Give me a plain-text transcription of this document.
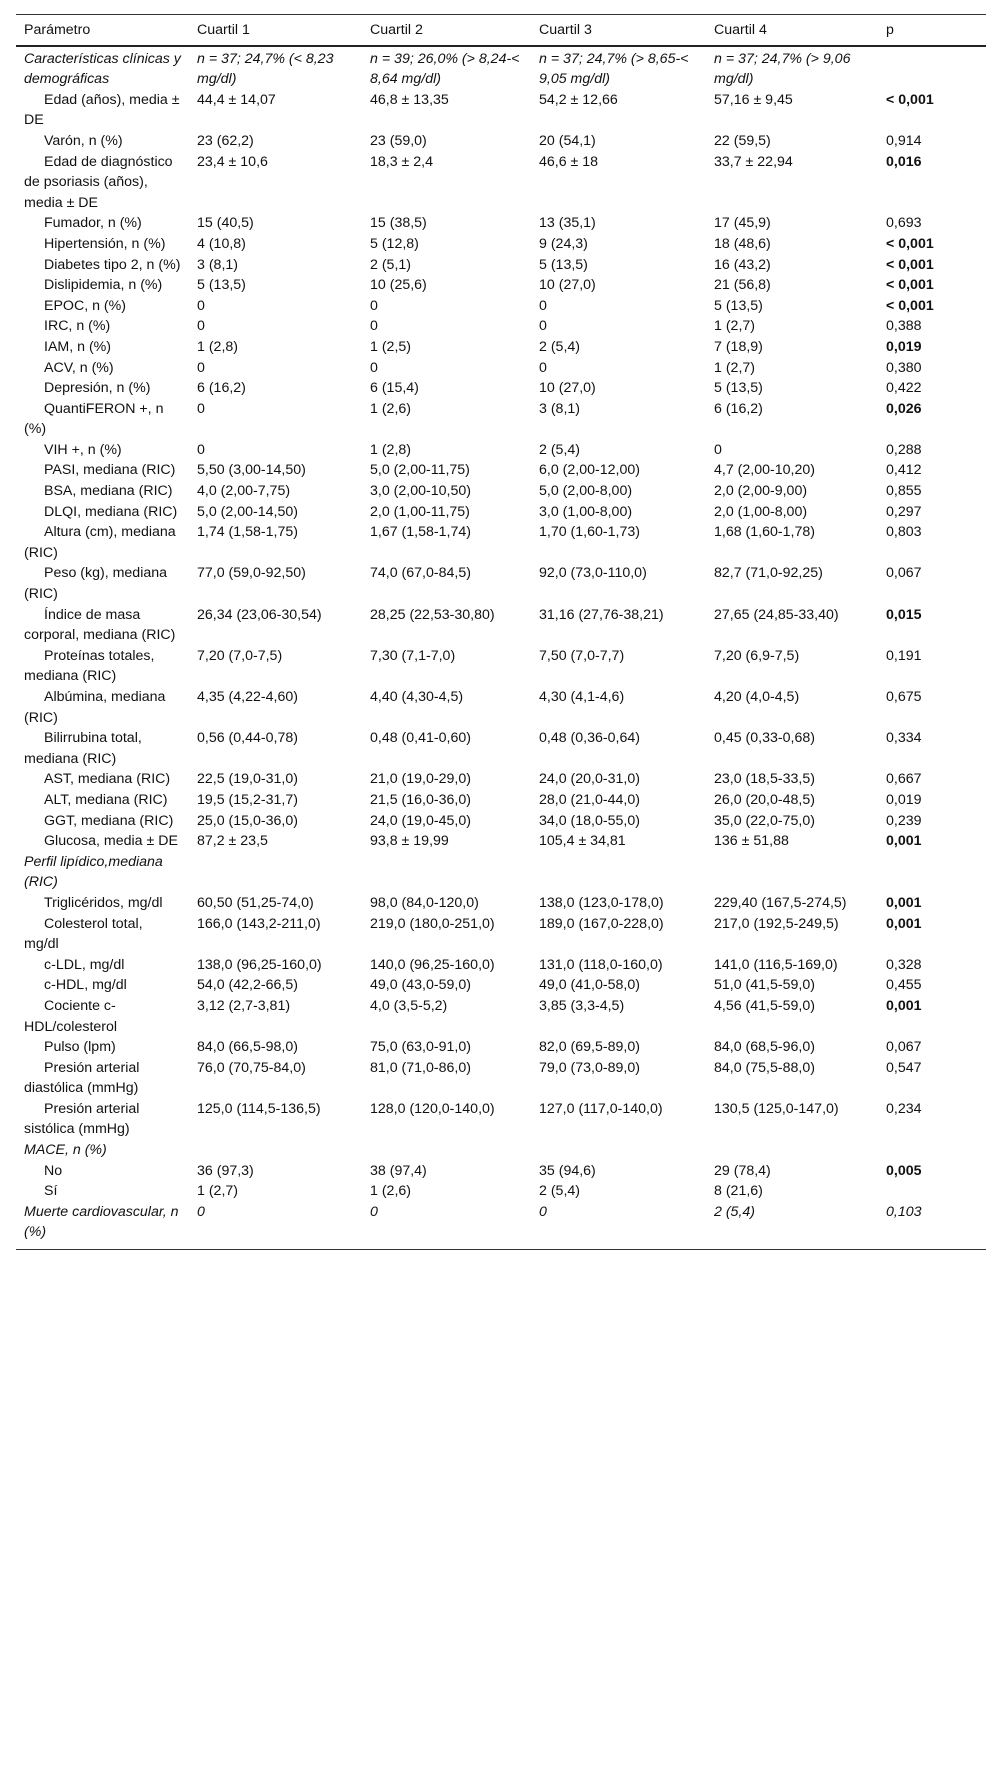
Parámetro	Cuartil 1	Cuartil 2	Cuartil 3	Cuartil 4	p
Características clínicas y demográficas	n = 37; 24,7% (< 8,23 mg/dl)	n = 39; 26,0% (> 8,24-< 8,64 mg/dl)	n = 37; 24,7% (> 8,65-< 9,05 mg/dl)	n = 37; 24,7% (> 9,06 mg/dl)	
Edad (años), media ± DE	44,4 ± 14,07	46,8 ± 13,35	54,2 ± 12,66	57,16 ± 9,45	< 0,001
Varón, n (%)	23 (62,2)	23 (59,0)	20 (54,1)	22 (59,5)	0,914
Edad de diagnóstico de psoriasis (años), media ± DE	23,4 ± 10,6	18,3 ± 2,4	46,6 ± 18	33,7 ± 22,94	0,016
Fumador, n (%)	15 (40,5)	15 (38,5)	13 (35,1)	17 (45,9)	0,693
Hipertensión, n (%)	4 (10,8)	5 (12,8)	9 (24,3)	18 (48,6)	< 0,001
Diabetes tipo 2, n (%)	3 (8,1)	2 (5,1)	5 (13,5)	16 (43,2)	< 0,001
Dislipidemia, n (%)	5 (13,5)	10 (25,6)	10 (27,0)	21 (56,8)	< 0,001
EPOC, n (%)	0	0	0	5 (13,5)	< 0,001
IRC, n (%)	0	0	0	1 (2,7)	0,388
IAM, n (%)	1 (2,8)	1 (2,5)	2 (5,4)	7 (18,9)	0,019
ACV, n (%)	0	0	0	1 (2,7)	0,380
Depresión, n (%)	6 (16,2)	6 (15,4)	10 (27,0)	5 (13,5)	0,422
QuantiFERON +, n (%)	0	1 (2,6)	3 (8,1)	6 (16,2)	0,026
VIH +, n (%)	0	1 (2,8)	2 (5,4)	0	0,288
PASI, mediana (RIC)	5,50 (3,00-14,50)	5,0 (2,00-11,75)	6,0 (2,00-12,00)	4,7 (2,00-10,20)	0,412
BSA, mediana (RIC)	4,0 (2,00-7,75)	3,0 (2,00-10,50)	5,0 (2,00-8,00)	2,0 (2,00-9,00)	0,855
DLQI, mediana (RIC)	5,0 (2,00-14,50)	2,0 (1,00-11,75)	3,0 (1,00-8,00)	2,0 (1,00-8,00)	0,297
Altura (cm), mediana (RIC)	1,74 (1,58-1,75)	1,67 (1,58-1,74)	1,70 (1,60-1,73)	1,68 (1,60-1,78)	0,803
Peso (kg), mediana (RIC)	77,0 (59,0-92,50)	74,0 (67,0-84,5)	92,0 (73,0-110,0)	82,7 (71,0-92,25)	0,067
Índice de masa corporal, mediana (RIC)	26,34 (23,06-30,54)	28,25 (22,53-30,80)	31,16 (27,76-38,21)	27,65 (24,85-33,40)	0,015
Proteínas totales, mediana (RIC)	7,20 (7,0-7,5)	7,30 (7,1-7,0)	7,50 (7,0-7,7)	7,20 (6,9-7,5)	0,191
Albúmina, mediana (RIC)	4,35 (4,22-4,60)	4,40 (4,30-4,5)	4,30 (4,1-4,6)	4,20 (4,0-4,5)	0,675
Bilirrubina total, mediana (RIC)	0,56 (0,44-0,78)	0,48 (0,41-0,60)	0,48 (0,36-0,64)	0,45 (0,33-0,68)	0,334
AST, mediana (RIC)	22,5 (19,0-31,0)	21,0 (19,0-29,0)	24,0 (20,0-31,0)	23,0 (18,5-33,5)	0,667
ALT, mediana (RIC)	19,5 (15,2-31,7)	21,5 (16,0-36,0)	28,0 (21,0-44,0)	26,0 (20,0-48,5)	0,019
GGT, mediana (RIC)	25,0 (15,0-36,0)	24,0 (19,0-45,0)	34,0 (18,0-55,0)	35,0 (22,0-75,0)	0,239
Glucosa, media ± DE	87,2 ± 23,5	93,8 ± 19,99	105,4 ± 34,81	136 ± 51,88	0,001
Perfil lipídico,mediana (RIC)					
Triglicéridos, mg/dl	60,50 (51,25-74,0)	98,0 (84,0-120,0)	138,0 (123,0-178,0)	229,40 (167,5-274,5)	0,001
Colesterol total, mg/dl	166,0 (143,2-211,0)	219,0 (180,0-251,0)	189,0 (167,0-228,0)	217,0 (192,5-249,5)	0,001
c-LDL, mg/dl	138,0 (96,25-160,0)	140,0 (96,25-160,0)	131,0 (118,0-160,0)	141,0 (116,5-169,0)	0,328
c-HDL, mg/dl	54,0 (42,2-66,5)	49,0 (43,0-59,0)	49,0 (41,0-58,0)	51,0 (41,5-59,0)	0,455
Cociente c-HDL/colesterol	3,12 (2,7-3,81)	4,0 (3,5-5,2)	3,85 (3,3-4,5)	4,56 (41,5-59,0)	0,001
Pulso (lpm)	84,0 (66,5-98,0)	75,0 (63,0-91,0)	82,0 (69,5-89,0)	84,0 (68,5-96,0)	0,067
Presión arterial diastólica (mmHg)	76,0 (70,75-84,0)	81,0 (71,0-86,0)	79,0 (73,0-89,0)	84,0 (75,5-88,0)	0,547
Presión arterial sistólica (mmHg)	125,0 (114,5-136,5)	128,0 (120,0-140,0)	127,0 (117,0-140,0)	130,5 (125,0-147,0)	0,234
MACE, n (%)					
No	36 (97,3)	38 (97,4)	35 (94,6)	29 (78,4)	0,005
Sí	1 (2,7)	1 (2,6)	2 (5,4)	8 (21,6)	
Muerte cardiovascular, n (%)	0	0	0	2 (5,4)	0,103
